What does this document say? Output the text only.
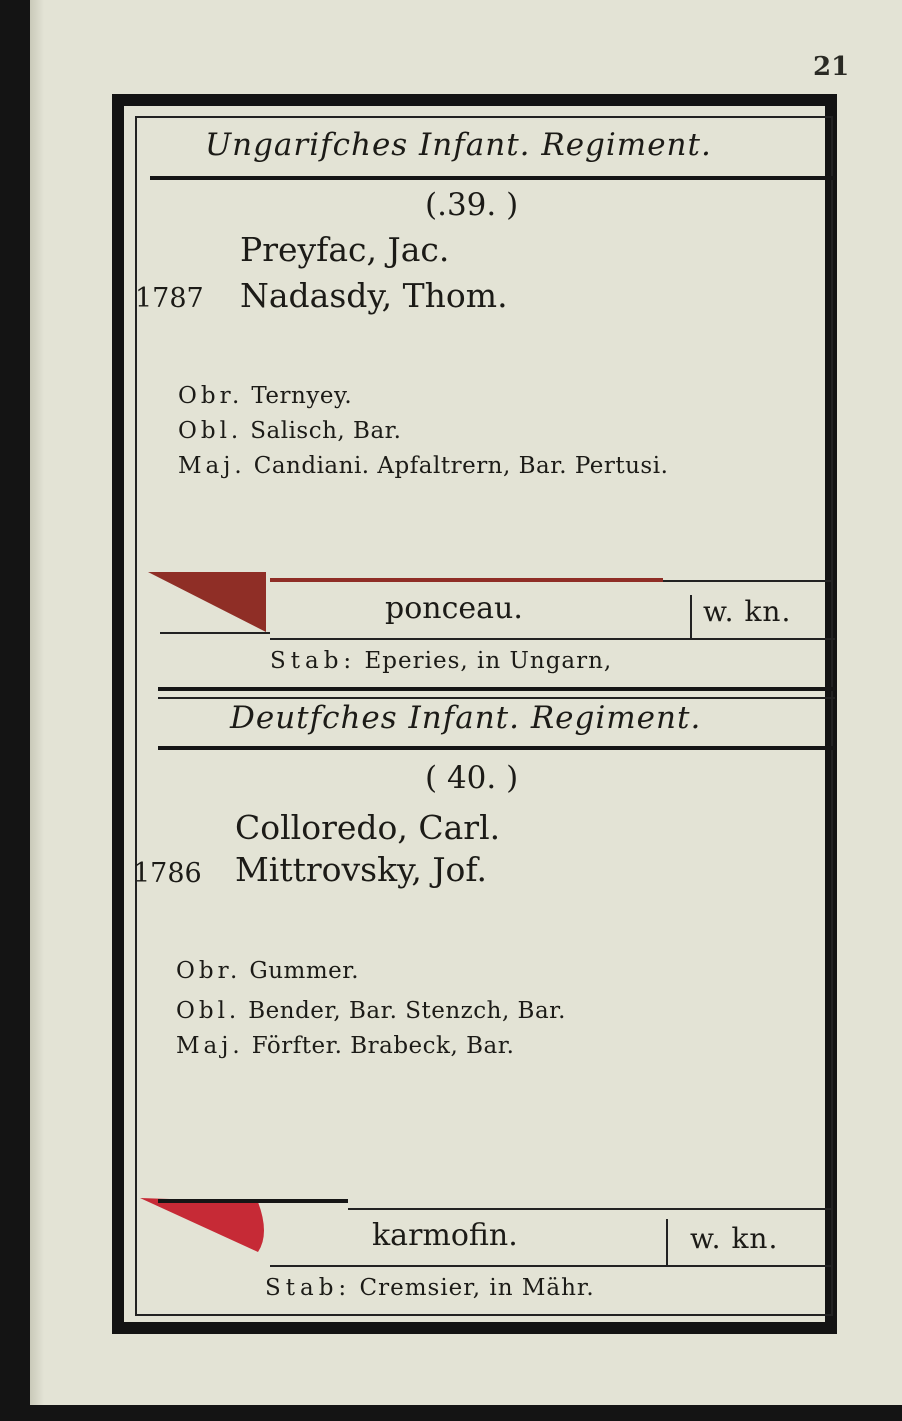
21
Ungarifches Infant. Regiment.
(.39. )
Preyfac, Jac.
1787 Nadasdy, Thom.
Obr. Ternyey.
Obl. Salisch, Bar.
Maj. Candiani. Apfaltrern, Bar. Pertusi.
ponceau.	w. kn.
Stab: Eperies, in Ungarn,
Deutfches Infant. Regiment.
( 40. )
Colloredo, Carl.
1786 Mittrovsky, Jof.
Obr. Gummer.
Obl. Bender, Bar. Stenzch, Bar.
Maj. Förfter. Brabeck, Bar.
karmofin.	w. kn.
Stab: Cremsier, in Mähr.
